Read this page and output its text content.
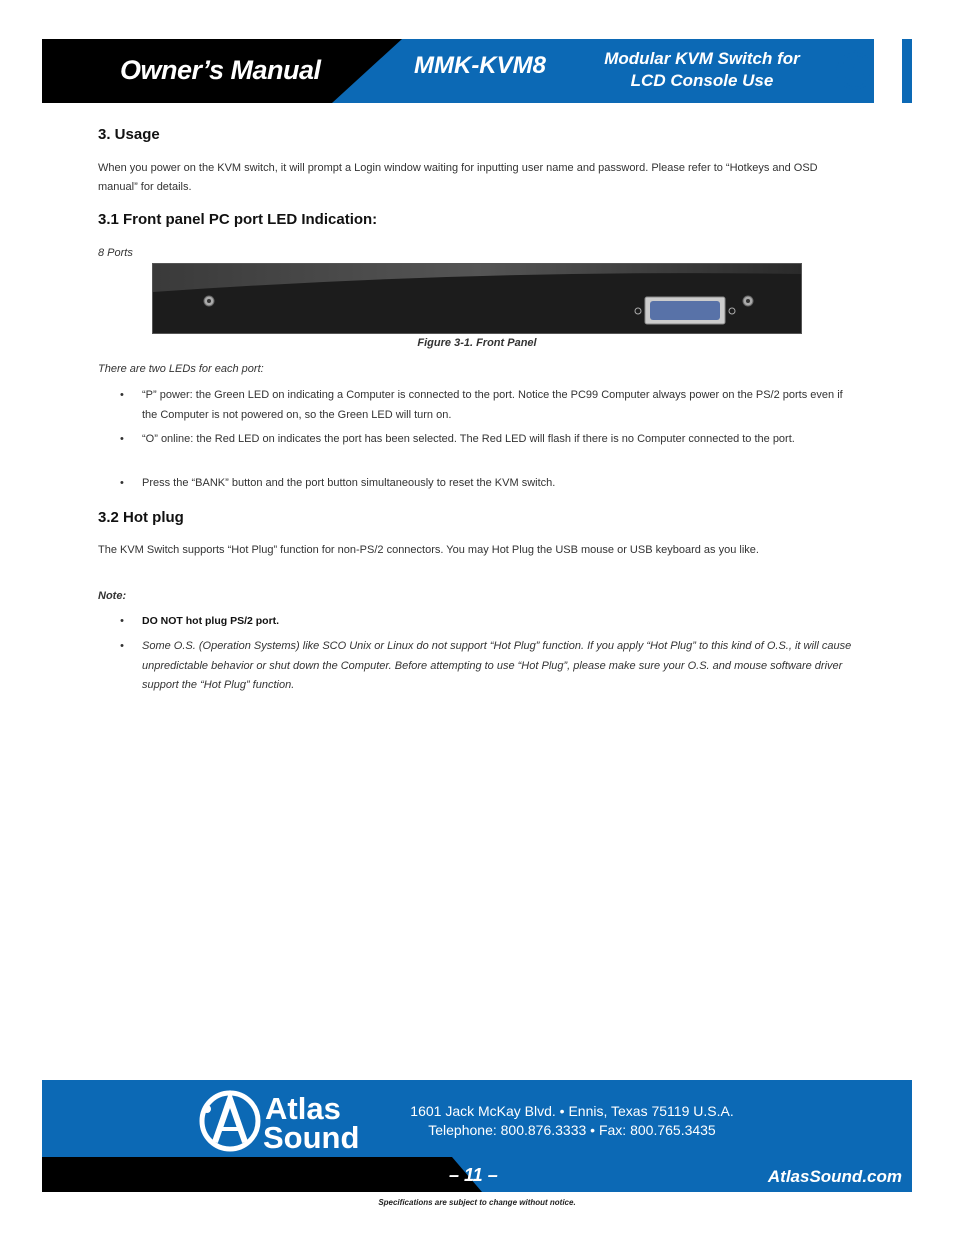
Owner’s Manual	MMK-KVM8	Modular KVM Switch for
LCD Console Use
3. Usage
When you power on the KVM switch, it will prompt a Login window waiting for inputting user name and password. Please refer to “Hotkeys and OSD manual” for details.
3.1 Front panel PC port LED Indication:
8 Ports
Figure 3-1. Front Panel
There are two LEDs for each port:
• “P” power: the Green LED on indicating a Computer is connected to the port. Notice the PC99 Computer always power on the PS/2 ports even if the Computer is not powered on, so the Green LED will turn on.
• “O” online: the Red LED on indicates the port has been selected. The Red LED will flash if there is no Computer connected to the port.
• Press the “BANK” button and the port button simultaneously to reset the KVM switch.
3.2 Hot plug
The KVM Switch supports “Hot Plug” function for non-PS/2 connectors. You may Hot Plug the USB mouse or USB keyboard as you like.
Note:
• DO NOT hot plug PS/2 port.
• Some O.S. (Operation Systems) like SCO Unix or Linux do not support “Hot Plug” function. If you apply “Hot Plug” to this kind of O.S., it will cause unpredictable behavior or shut down the Computer. Before attempting to use “Hot Plug”, please make sure your O.S. and mouse software driver support the “Hot Plug” function.
Atlas
Sound
1601 Jack McKay Blvd. • Ennis, Texas 75119 U.S.A.
Telephone: 800.876.3333 • Fax: 800.765.3435
– 11 –	AtlasSound.com
Specifications are subject to change without notice.
